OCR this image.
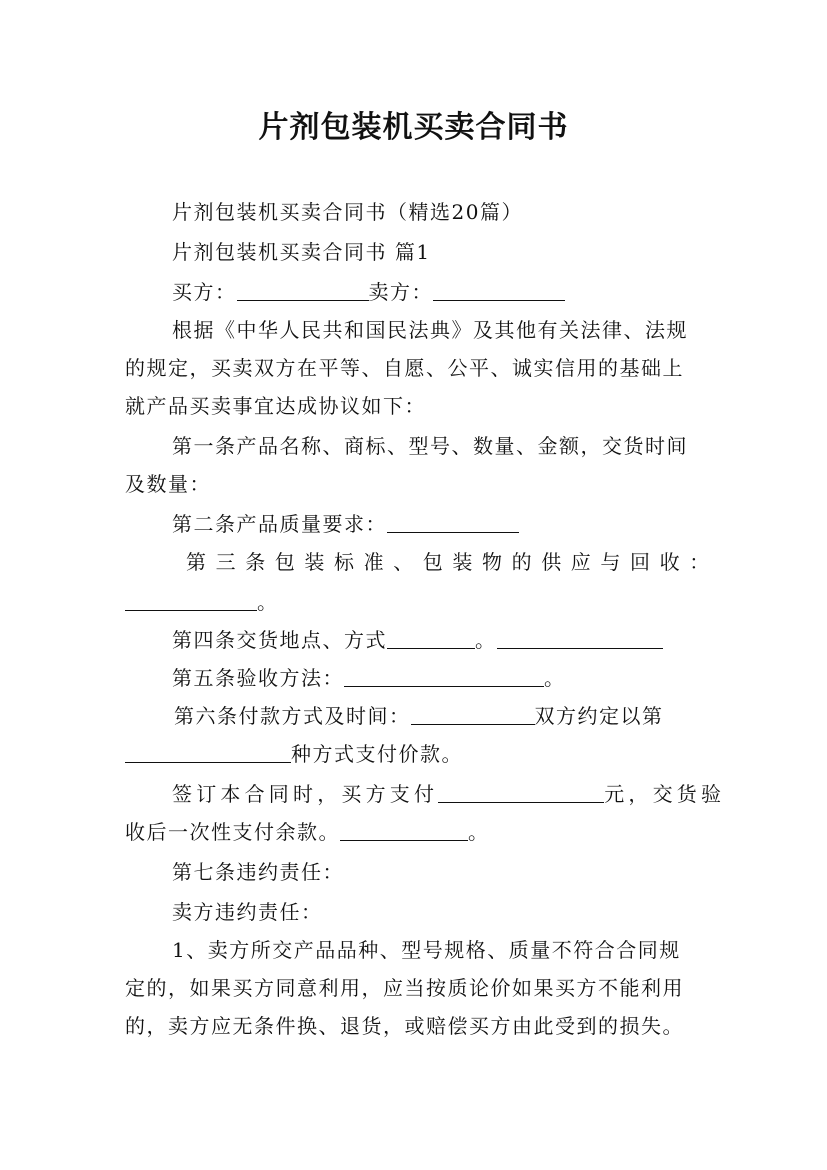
片剂包装机买卖合同书
片剂包装机买卖合同书（精选20篇）
片剂包装机买卖合同书 篇1
买方：	卖方：
根据《中华人民共和国民法典》及其他有关法律、法规
的规定，买卖双方在平等、自愿、公平、诚实信用的基础上
就产品买卖事宜达成协议如下：
第一条产品名称、商标、型号、数量、金额，交货时间
及数量：
第二条产品质量要求：
第三条包装标准、包装物的供应与回收：
。
第四条交货地点、方式	。
第五条验收方法：	。
第六条付款方式及时间：	双方约定以第
种方式支付价款。
签订本合同时，买方支付	元，交货验
收后一次性支付余款。	。
第七条违约责任：
卖方违约责任：
1、卖方所交产品品种、型号规格、质量不符合合同规
定的，如果买方同意利用，应当按质论价如果买方不能利用
的，卖方应无条件换、退货，或赔偿买方由此受到的损失。
